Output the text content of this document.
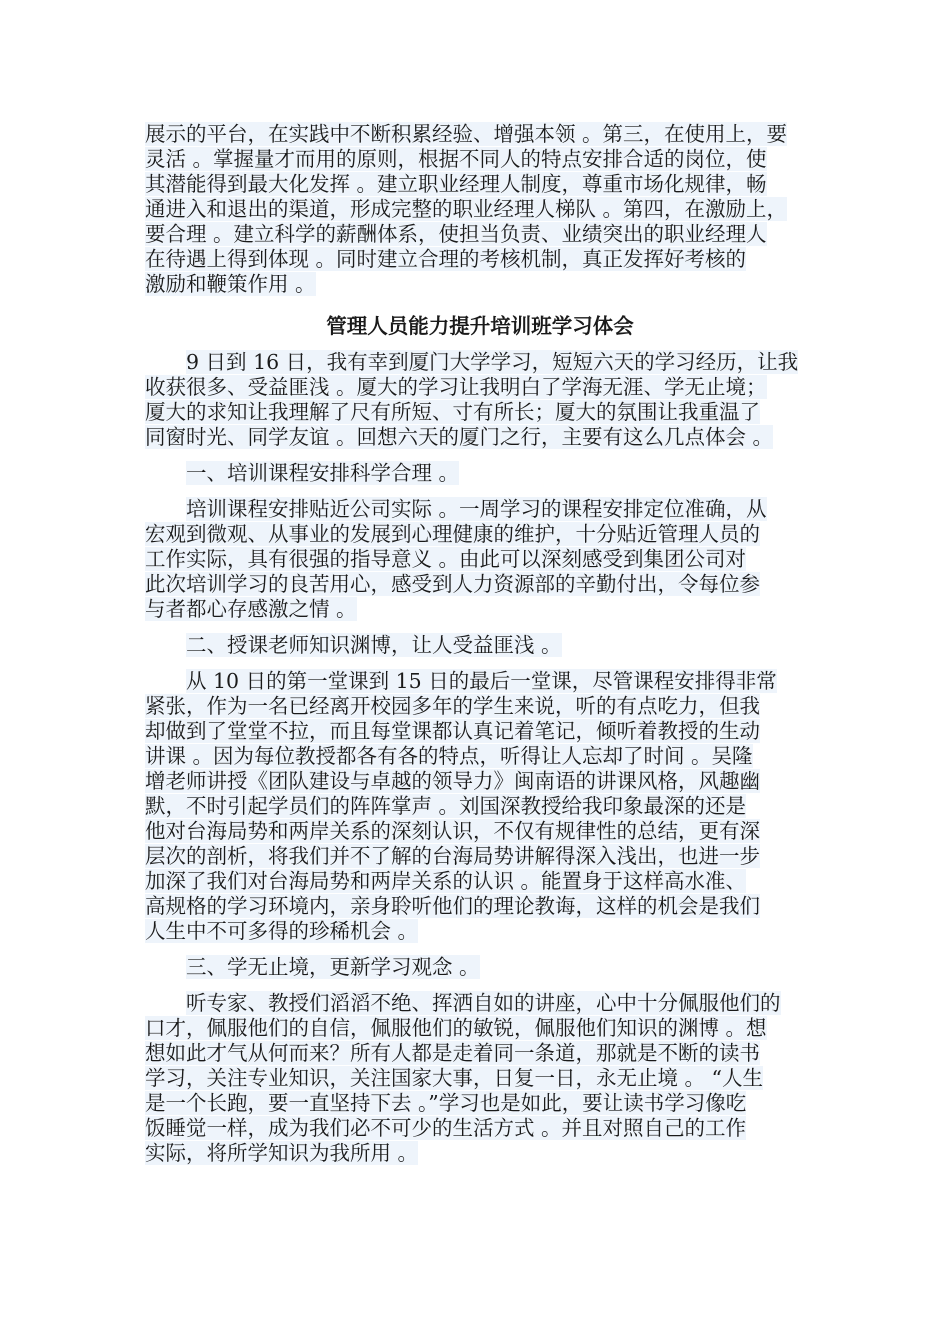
展示的平台，在实践中不断积累经验、增强本领 。第三，在使用上，要
灵活 。掌握量才而用的原则，根据不同人的特点安排合适的岗位，使
其潜能得到最大化发挥 。建立职业经理人制度，尊重市场化规律，畅
通进入和退出的渠道，形成完整的职业经理人梯队 。第四，在激励上，
要合理 。建立科学的薪酬体系，使担当负责、业绩突出的职业经理人
在待遇上得到体现 。同时建立合理的考核机制，真正发挥好考核的
激励和鞭策作用 。
管理人员能力提升培训班学习体会
9 日到 16 日，我有幸到厦门大学学习，短短六天的学习经历，让我
收获很多、受益匪浅 。厦大的学习让我明白了学海无涯、学无止境；
厦大的求知让我理解了尺有所短、寸有所长；厦大的氛围让我重温了
同窗时光、同学友谊 。回想六天的厦门之行，主要有这么几点体会 。
一、培训课程安排科学合理 。
培训课程安排贴近公司实际 。一周学习的课程安排定位准确，从
宏观到微观、从事业的发展到心理健康的维护，十分贴近管理人员的
工作实际，具有很强的指导意义 。由此可以深刻感受到集团公司对
此次培训学习的良苦用心，感受到人力资源部的辛勤付出，令每位参
与者都心存感激之情 。
二、授课老师知识渊博，让人受益匪浅 。
从 10 日的第一堂课到 15 日的最后一堂课，尽管课程安排得非常
紧张，作为一名已经离开校园多年的学生来说，听的有点吃力，但我
却做到了堂堂不拉，而且每堂课都认真记着笔记，倾听着教授的生动
讲课 。因为每位教授都各有各的特点，听得让人忘却了时间 。吴隆
增老师讲授《团队建设与卓越的领导力》闽南语的讲课风格，风趣幽
默，不时引起学员们的阵阵掌声 。刘国深教授给我印象最深的还是
他对台海局势和两岸关系的深刻认识，不仅有规律性的总结，更有深
层次的剖析，将我们并不了解的台海局势讲解得深入浅出，也进一步
加深了我们对台海局势和两岸关系的认识 。能置身于这样高水准、
高规格的学习环境内，亲身聆听他们的理论教诲，这样的机会是我们
人生中不可多得的珍稀机会 。
三、学无止境，更新学习观念 。
听专家、教授们滔滔不绝、挥洒自如的讲座，心中十分佩服他们的
口才，佩服他们的自信，佩服他们的敏锐，佩服他们知识的渊博 。想
想如此才气从何而来？所有人都是走着同一条道，那就是不断的读书
学习，关注专业知识，关注国家大事，日复一日，永无止境 。 “人生
是一个长跑，要一直坚持下去 。”学习也是如此，要让读书学习像吃
饭睡觉一样，成为我们必不可少的生活方式 。并且对照自己的工作
实际，将所学知识为我所用 。
